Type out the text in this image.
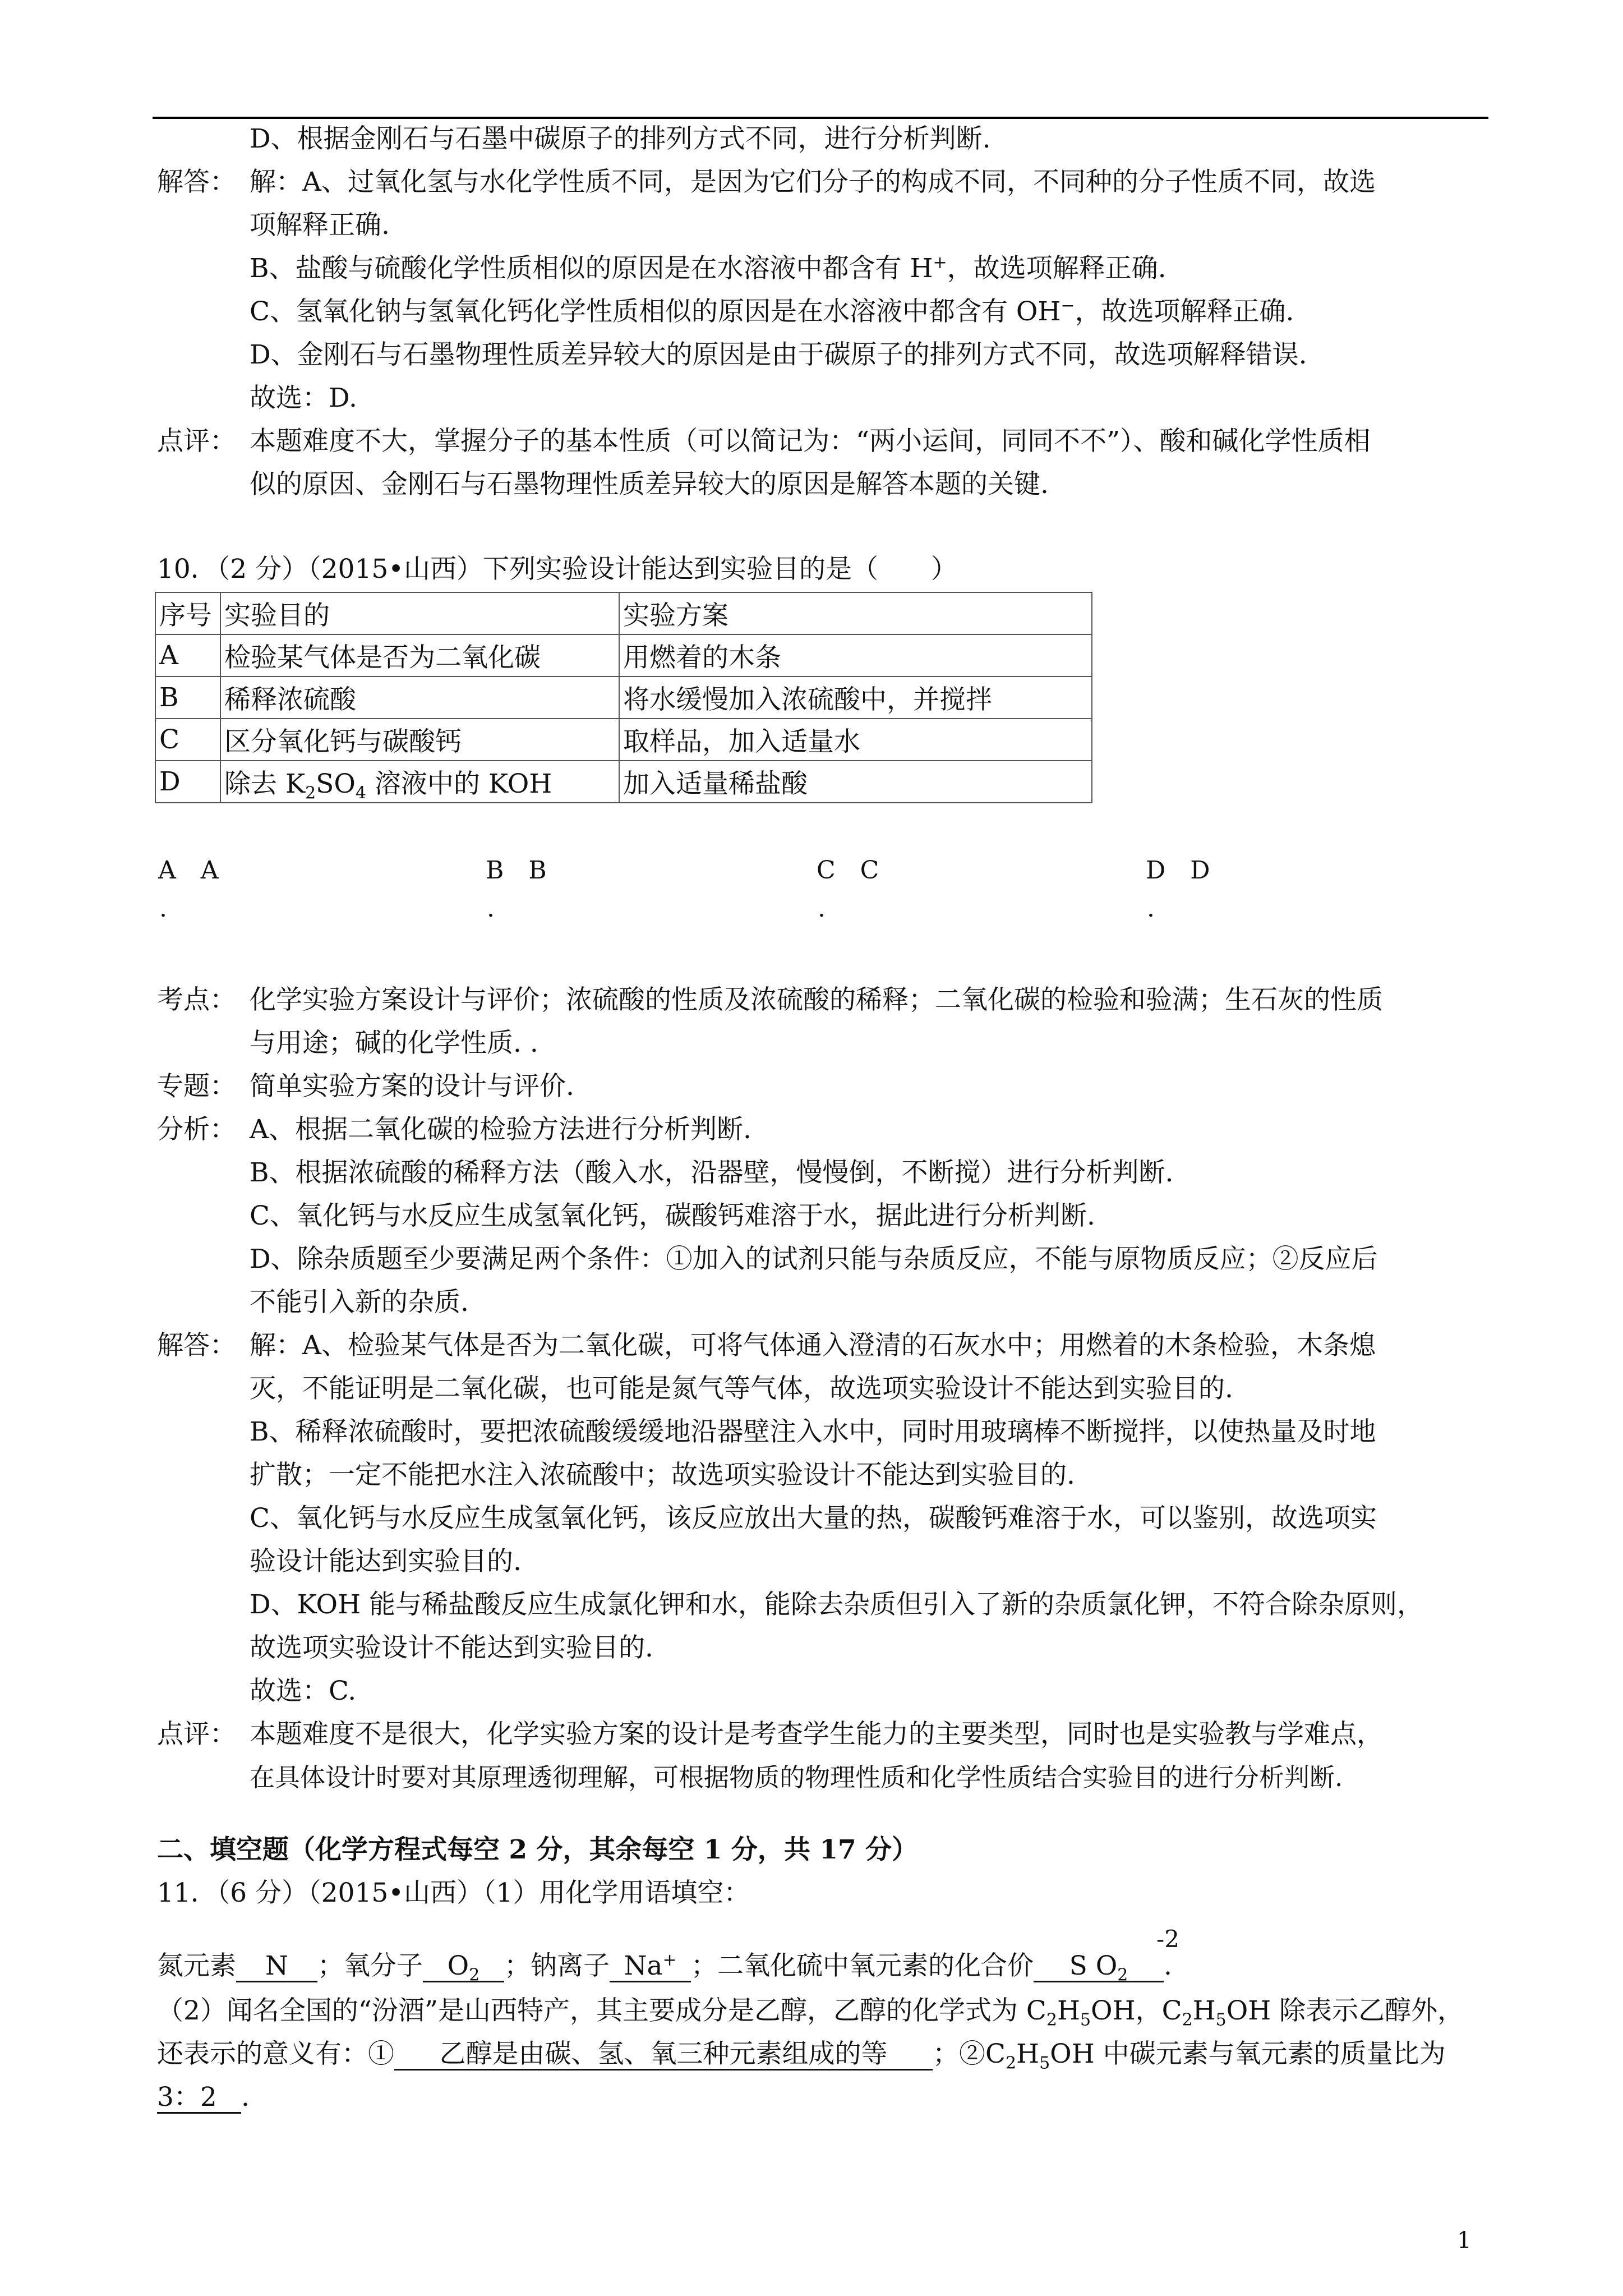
D、根据金刚石与石墨中碳原子的排列方式不同，进行分析判断.
解答： 解：A、过氧化氢与水化学性质不同，是因为它们分子的构成不同，不同种的分子性质不同，故选
项解释正确.
B、盐酸与硫酸化学性质相似的原因是在水溶液中都含有 H+，故选项解释正确.
C、氢氧化钠与氢氧化钙化学性质相似的原因是在水溶液中都含有 OH−，故选项解释正确.
D、金刚石与石墨物理性质差异较大的原因是由于碳原子的排列方式不同，故选项解释错误.
故选：D.
点评： 本题难度不大，掌握分子的基本性质（可以简记为：“两小运间，同同不不”）、酸和碱化学性质相
似的原因、金刚石与石墨物理性质差异较大的原因是解答本题的关键.
10．（2 分）（2015•山西）下列实验设计能达到实验目的是（　　）
序号	实验目的	实验方案
A	检验某气体是否为二氧化碳	用燃着的木条
B	稀释浓硫酸	将水缓慢加入浓硫酸中，并搅拌
C	区分氧化钙与碳酸钙	取样品，加入适量水
D	除去 $K_2SO_4$ 溶液中的 KOH	加入适量稀盐酸
A　A	B　B	C　C	D　D
.	.	.	.
考点： 化学实验方案设计与评价；浓硫酸的性质及浓硫酸的稀释；二氧化碳的检验和验满；生石灰的性质
与用途；碱的化学性质. .
专题： 简单实验方案的设计与评价.
分析： A、根据二氧化碳的检验方法进行分析判断.
B、根据浓硫酸的稀释方法（酸入水，沿器壁，慢慢倒，不断搅）进行分析判断.
C、氧化钙与水反应生成氢氧化钙，碳酸钙难溶于水，据此进行分析判断.
D、除杂质题至少要满足两个条件：①加入的试剂只能与杂质反应，不能与原物质反应；②反应后
不能引入新的杂质.
解答： 解：A、检验某气体是否为二氧化碳，可将气体通入澄清的石灰水中；用燃着的木条检验，木条熄
灭，不能证明是二氧化碳，也可能是氮气等气体，故选项实验设计不能达到实验目的.
B、稀释浓硫酸时，要把浓硫酸缓缓地沿器壁注入水中，同时用玻璃棒不断搅拌，以使热量及时地
扩散；一定不能把水注入浓硫酸中；故选项实验设计不能达到实验目的.
C、氧化钙与水反应生成氢氧化钙，该反应放出大量的热，碳酸钙难溶于水，可以鉴别，故选项实
验设计能达到实验目的.
D、KOH 能与稀盐酸反应生成氯化钾和水，能除去杂质但引入了新的杂质氯化钾，不符合除杂原则，
故选项实验设计不能达到实验目的.
故选：C.
点评： 本题难度不是很大，化学实验方案的设计是考查学生能力的主要类型，同时也是实验教与学难点，
在具体设计时要对其原理透彻理解，可根据物质的物理性质和化学性质结合实验目的进行分析判断.
二、填空题（化学方程式每空 2 分，其余每空 1 分，共 17 分）
11．（6 分）（2015•山西）（1）用化学用语填空：
-2
氮元素 N ；氧分子 $O_2$ ；钠离子 Na+ ；二氧化硫中氧元素的化合价 S $O_2$ .
（2）闻名全国的“汾酒”是山西特产，其主要成分是乙醇，乙醇的化学式为 $C_2H_5OH$，$C_2H_5OH$ 除表示乙醇外，
还表示的意义有：① 乙醇是由碳、氢、氧三种元素组成的等 ；$②C_2H_5OH$ 中碳元素与氧元素的质量比为
3：2 .
1
